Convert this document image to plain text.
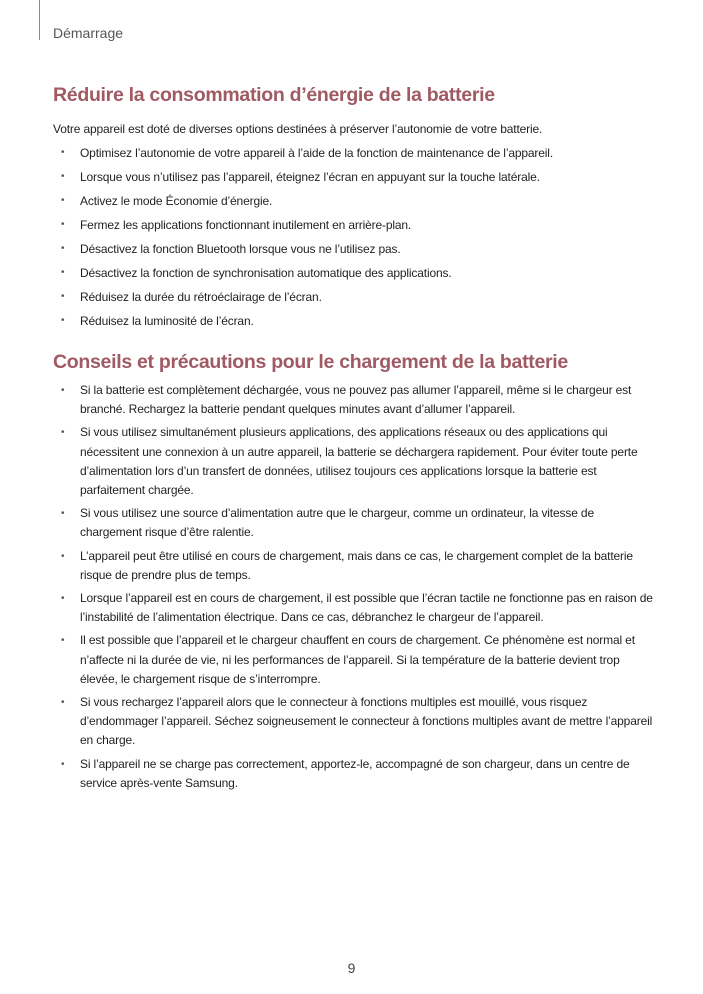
Démarrage
Réduire la consommation d’énergie de la batterie

Votre appareil est doté de diverses options destinées à préserver l’autonomie de votre batterie.

• Optimisez l’autonomie de votre appareil à l’aide de la fonction de maintenance de l’appareil.
• Lorsque vous n’utilisez pas l’appareil, éteignez l’écran en appuyant sur la touche latérale.
• Activez le mode Économie d’énergie.
• Fermez les applications fonctionnant inutilement en arrière-plan.
• Désactivez la fonction Bluetooth lorsque vous ne l’utilisez pas.
• Désactivez la fonction de synchronisation automatique des applications.
• Réduisez la durée du rétroéclairage de l’écran.
• Réduisez la luminosité de l’écran.
Conseils et précautions pour le chargement de la batterie
• Si la batterie est complètement déchargée, vous ne pouvez pas allumer l’appareil, même si le chargeur est branché. Rechargez la batterie pendant quelques minutes avant d’allumer l’appareil.
• Si vous utilisez simultanément plusieurs applications, des applications réseaux ou des applications qui nécessitent une connexion à un autre appareil, la batterie se déchargera rapidement. Pour éviter toute perte d’alimentation lors d’un transfert de données, utilisez toujours ces applications lorsque la batterie est parfaitement chargée.
• Si vous utilisez une source d’alimentation autre que le chargeur, comme un ordinateur, la vitesse de chargement risque d’être ralentie.
• L’appareil peut être utilisé en cours de chargement, mais dans ce cas, le chargement complet de la batterie risque de prendre plus de temps.
• Lorsque l’appareil est en cours de chargement, il est possible que l’écran tactile ne fonctionne pas en raison de l’instabilité de l’alimentation électrique. Dans ce cas, débranchez le chargeur de l’appareil.
• Il est possible que l’appareil et le chargeur chauffent en cours de chargement. Ce phénomène est normal et n’affecte ni la durée de vie, ni les performances de l’appareil. Si la température de la batterie devient trop élevée, le chargement risque de s’interrompre.
• Si vous rechargez l’appareil alors que le connecteur à fonctions multiples est mouillé, vous risquez d’endommager l’appareil. Séchez soigneusement le connecteur à fonctions multiples avant de mettre l’appareil en charge.
• Si l’appareil ne se charge pas correctement, apportez-le, accompagné de son chargeur, dans un centre de service après-vente Samsung.
9
